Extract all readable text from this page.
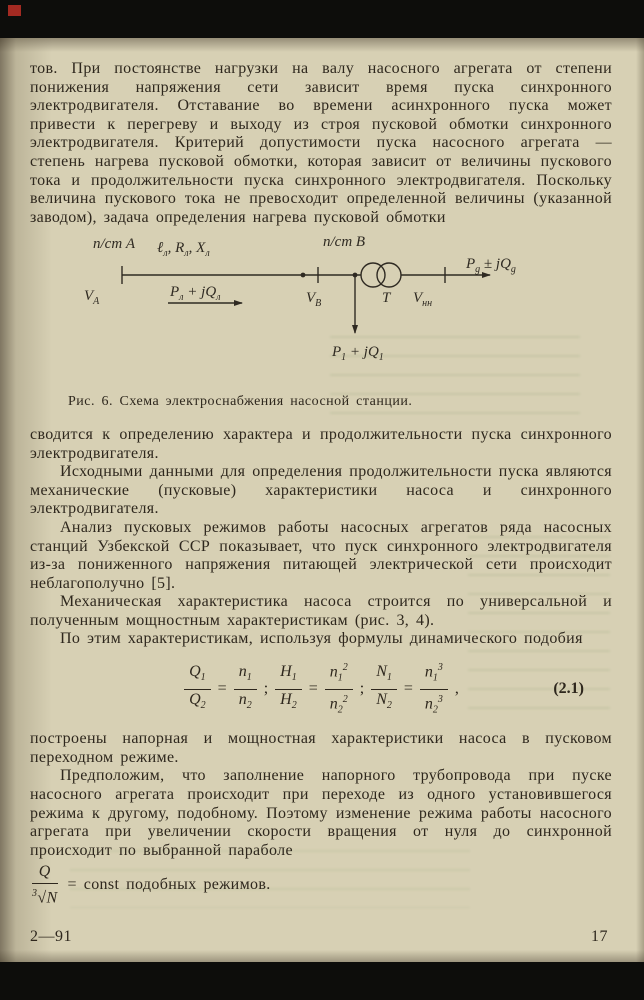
тов. При постоянстве нагрузки на валу насосного агрегата от степени понижения напряжения сети зависит время пуска синхронного электродвигателя. Отставание во времени асинхронного пуска может привести к перегреву и выходу из строя пусковой обмотки синхронного электродвигателя. Критерий допустимости пуска насосного агрегата — степень нагрева пусковой обмотки, которая зависит от величины пускового тока и продолжительности пуска синхронного электродвигателя. Поскольку величина пускового тока не превосходит определенной величины (указанной заводом), задача определения нагрева пусковой обмотки

п/ст А ℓ$_л$, $R_л$, $X_л$
$V_A$
$P_л + jQ_л$
п/ст В
$V_B$	Т $V_{нн}$
$P_g \pm jQ_g$
$P_1 + jQ_1$

Рис. 6. Схема электроснабжения насосной станции.

сводится к определению характера и продолжительности пуска синхронного электродвигателя.

Исходными данными для определения продолжительности пуска являются механические (пусковые) характеристики насоса и синхронного электродвигателя.

Анализ пусковых режимов работы насосных агрегатов ряда насосных станций Узбекской ССР показывает, что пуск синхронного электродвигателя из-за пониженного напряжения питающей электрической сети происходит неблагополучно [5].

Механическая характеристика насоса строится по универсальной и полученным мощностным характеристикам (рис. 3, 4).

По этим характеристикам, используя формулы динамического подобия

$\frac{Q_1}{Q_2} = \frac{n_1}{n_2}$ ; $\frac{H_1}{H_2} = \frac{n_1^2}{n_2^2}$ ; $\frac{N_1}{N_2} = \frac{n_1^3}{n_2^3}$ ,	(2.1)

построены напорная и мощностная характеристики насоса в пусковом переходном режиме.

Предположим, что заполнение напорного трубопровода при пуске насосного агрегата происходит при переходе из одного установившегося режима к другому, подобному. Поэтому изменение режима работы насосного агрегата при увеличении скорости вращения от нуля до синхронной происходит по выбранной параболе

$\frac{Q}{^3√N}$ = const подобных режимов.
2—91	17
